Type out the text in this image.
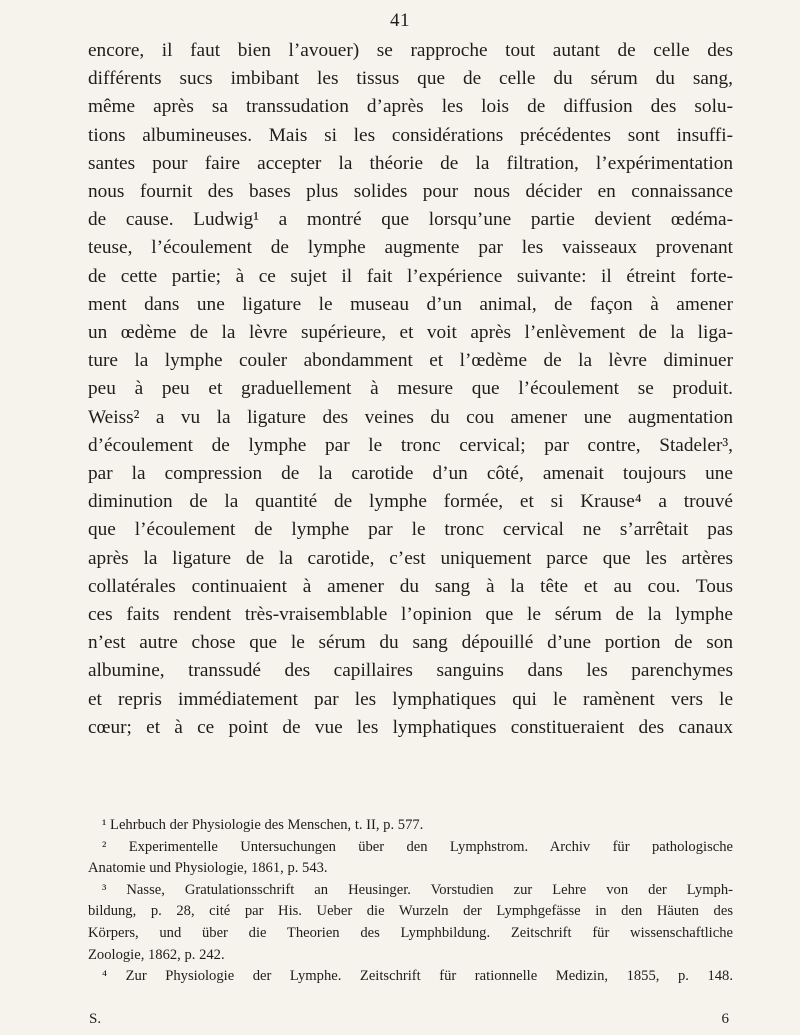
41
encore, il faut bien l’avouer) se rapproche tout autant de celle des
différents sucs imbibant les tissus que de celle du sérum du sang,
même après sa transsudation d’après les lois de diffusion des solu-
tions albumineuses. Mais si les considérations précédentes sont insuffi-
santes pour faire accepter la théorie de la filtration, l’expérimentation
nous fournit des bases plus solides pour nous décider en connaissance
de cause. Ludwig¹ a montré que lorsqu’une partie devient œdéma-
teuse, l’écoulement de lymphe augmente par les vaisseaux provenant
de cette partie; à ce sujet il fait l’expérience suivante: il étreint forte-
ment dans une ligature le museau d’un animal, de façon à amener
un œdème de la lèvre supérieure, et voit après l’enlèvement de la liga-
ture la lymphe couler abondamment et l’œdème de la lèvre diminuer
peu à peu et graduellement à mesure que l’écoulement se produit.
Weiss² a vu la ligature des veines du cou amener une augmentation
d’écoulement de lymphe par le tronc cervical; par contre, Stadeler³,
par la compression de la carotide d’un côté, amenait toujours une
diminution de la quantité de lymphe formée, et si Krause⁴ a trouvé
que l’écoulement de lymphe par le tronc cervical ne s’arrêtait pas
après la ligature de la carotide, c’est uniquement parce que les artères
collatérales continuaient à amener du sang à la tête et au cou. Tous
ces faits rendent très-vraisemblable l’opinion que le sérum de la lymphe
n’est autre chose que le sérum du sang dépouillé d’une portion de son
albumine, transsudé des capillaires sanguins dans les parenchymes
et repris immédiatement par les lymphatiques qui le ramènent vers le
cœur; et à ce point de vue les lymphatiques constitueraient des canaux
¹ Lehrbuch der Physiologie des Menschen, t. II, p. 577.
² Experimentelle Untersuchungen über den Lymphstrom. Archiv für pathologische
Anatomie und Physiologie, 1861, p. 543.
³ Nasse, Gratulationsschrift an Heusinger. Vorstudien zur Lehre von der Lymph-
bildung, p. 28, cité par His. Ueber die Wurzeln der Lymphgefässe in den Häuten des
Körpers, und über die Theorien des Lymphbildung. Zeitschrift für wissenschaftliche
Zoologie, 1862, p. 242.
⁴ Zur Physiologie der Lymphe. Zeitschrift für rationnelle Medizin, 1855, p. 148.
S.	6
